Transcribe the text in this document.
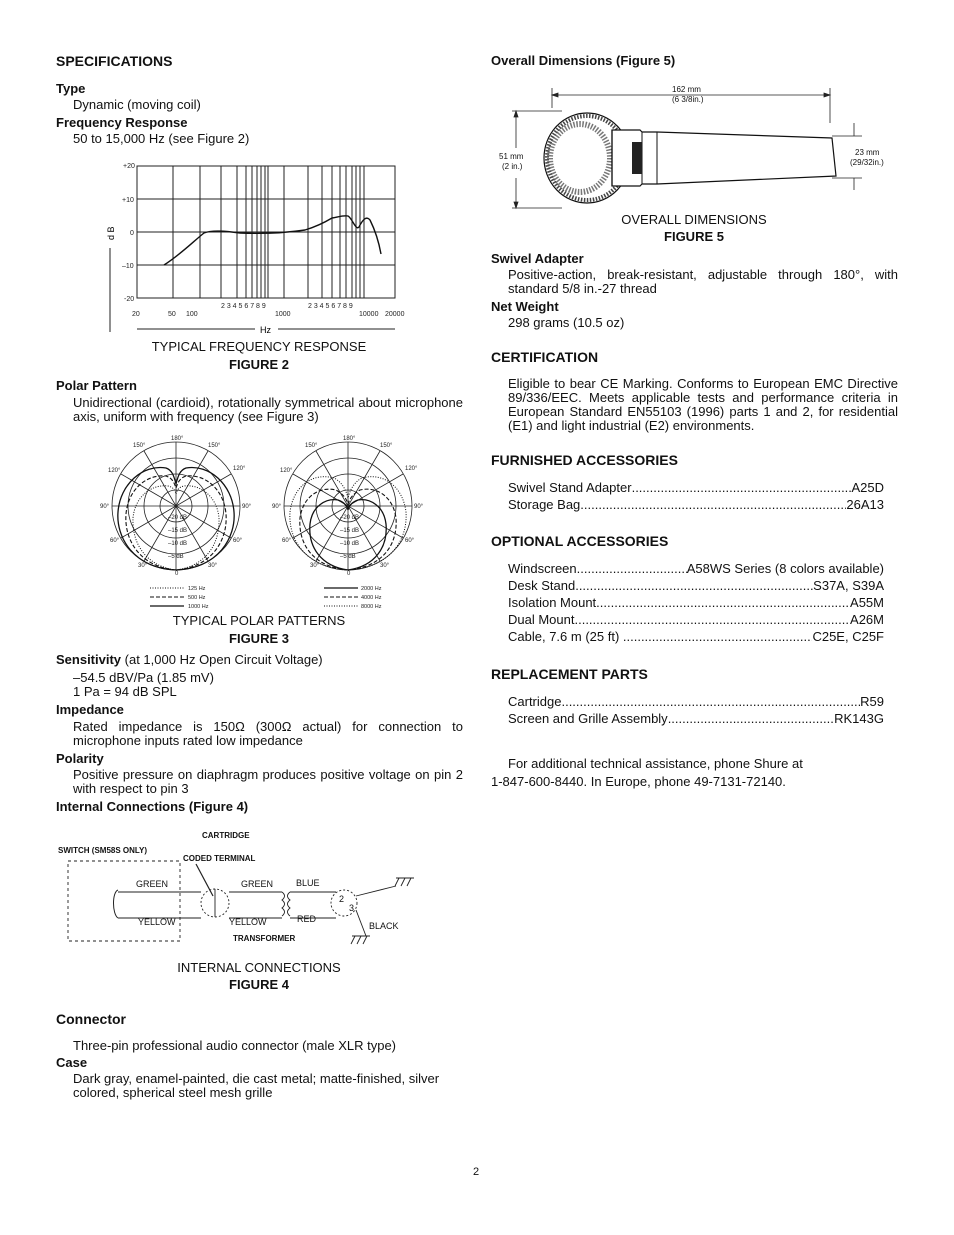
SPECIFICATIONS
Type
Dynamic (moving coil)
Frequency Response
50 to 15,000 Hz (see Figure 2)
+20
+10
0
–10
-20
20	50 100	1000	10000 20000
2 3 4 5 6 7 8 9	2 3 4 5 6 7 8 9
d B
Hz
TYPICAL FREQUENCY RESPONSE
FIGURE 2
Polar Pattern
Unidirectional (cardioid), rotationally symmetrical about microphone axis, uniform with frequency (see Figure 3)
180°
150°	150°
120°	120°
90°	90°
60°	60°
30°	30°
0
–20 dB
–15 dB
–10 dB
–5 dB
180°
150°	150°
120°	120°
90°	90°
60°	60°
30°	30°
0
–20 dB
–15 dB
–10 dB
–5 dB
125 Hz
500 Hz
1000 Hz
2000 Hz
4000 Hz
8000 Hz
TYPICAL POLAR PATTERNS
FIGURE 3
Sensitivity (at 1,000 Hz Open Circuit Voltage)
–54.5 dBV/Pa (1.85 mV)
1 Pa = 94 dB SPL
Impedance
Rated impedance is 150Ω (300Ω actual) for connection to microphone inputs rated low impedance
Polarity
Positive pressure on diaphragm produces positive voltage on pin 2 with respect to pin 3
Internal Connections (Figure 4)
CARTRIDGE
SWITCH (SM58S ONLY)
CODED TERMINAL
GREEN	GREEN	BLUE
YELLOW	YELLOW	RED
BLACK
TRANSFORMER
2
3
INTERNAL CONNECTIONS
FIGURE 4
Connector
Three-pin professional audio connector (male XLR type)
Case
Dark gray, enamel-painted, die cast metal; matte-finished, silver colored, spherical steel mesh grille
Overall Dimensions (Figure 5)
162 mm
(6 3/8in.)
51 mm
(2 in.)
23 mm
(29/32in.)
OVERALL DIMENSIONS
FIGURE 5
Swivel Adapter
Positive-action, break-resistant, adjustable through 180°, with standard 5/8 in.-27 thread
Net Weight
298 grams (10.5 oz)
CERTIFICATION
Eligible to bear CE Marking. Conforms to European EMC Directive 89/336/EEC. Meets applicable tests and performance criteria in European Standard EN55103 (1996) parts 1 and 2, for residential (E1) and light industrial (E2) environments.
FURNISHED ACCESSORIES
Swivel Stand Adapter .....	A25D
Storage Bag .....	26A13
OPTIONAL ACCESSORIES
Windscreen .....	A58WS Series (8 colors available)
Desk Stand .....	S37A, S39A
Isolation Mount .....	A55M
Dual Mount .....	A26M
Cable, 7.6 m (25 ft) .....	C25E, C25F
REPLACEMENT PARTS
Cartridge .....	R59
Screen and Grille Assembly .....	RK143G
For additional technical assistance, phone Shure at
1-847-600-8440. In Europe, phone 49-7131-72140.
2
